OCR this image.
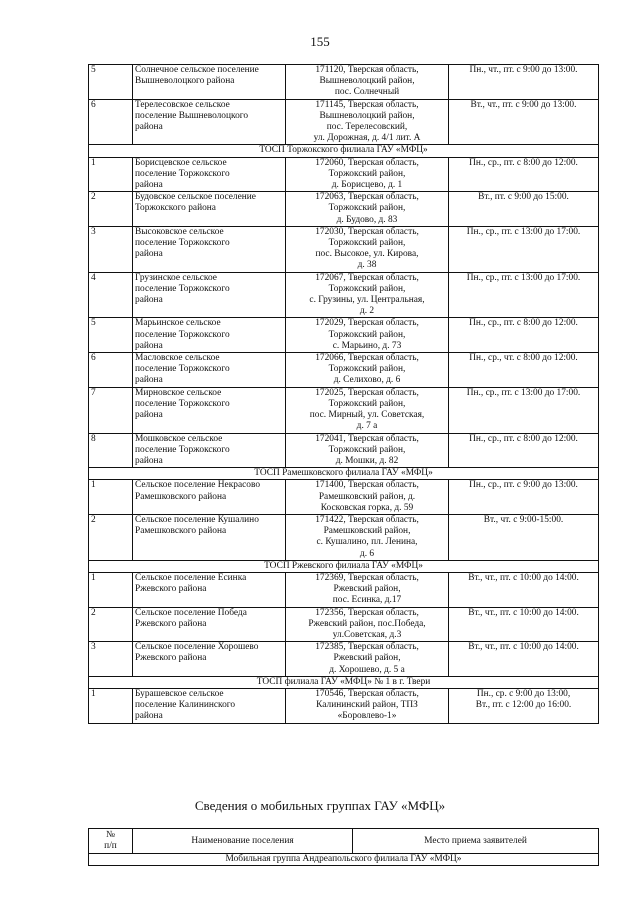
155
5	Солнечное сельское поселение
Вышневолоцкого района	171120, Тверская область,
Вышневолоцкий район,
пос. Солнечный	Пн., чт., пт. с 9:00 до 13:00.

6	Терелесовское сельское
поселение Вышневолоцкого
района	171145, Тверская область,
Вышневолоцкий район,
пос. Терелесовский,
ул. Дорожная, д. 4/1 лит. А	Вт., чт., пт. с 9:00 до 13:00.

ТОСП Торжокского филиала ГАУ «МФЦ»			
1	Борисцевское сельское
поселение Торжокского
района	172060, Тверская область,
Торжокский район,
д. Борисцево, д. 1	Пн., ср., пт. с 8:00 до 12:00.

2	Будовское сельское поселение
Торжокского района	172063, Тверская область,
Торжокский район,
д. Будово, д. 83	Вт., пт. с 9:00 до 15:00.

3	Высоковское сельское
поселение Торжокского
района	172030, Тверская область,
Торжокский район,
пос. Высокое, ул. Кирова,
д. 38	Пн., ср., пт. с 13:00 до 17:00.

4	Грузинское сельское
поселение Торжокского
района	172067, Тверская область,
Торжокский район,
с. Грузины, ул. Центральная,
д. 2	Пн., ср., пт. с 13:00 до 17:00.

5	Марьинское сельское
поселение Торжокского
района	172029, Тверская область,
Торжокский район,
с. Марьино, д. 73	Пн., ср., пт. с 8:00 до 12:00.

6	Масловское сельское
поселение Торжокского
района	172066, Тверская область,
Торжокский район,
д. Селихово, д. 6	Пн., ср., чт. с 8:00 до 12:00.

7	Мирновское сельское
поселение Торжокского
района	172025, Тверская область,
Торжокский район,
пос. Мирный, ул. Советская,
д. 7 а	Пн., ср., пт. с 13:00 до 17:00.

8	Мошковское сельское
поселение Торжокского
района	172041, Тверская область,
Торжокский район,
д. Мошки, д. 82	Пн., ср., пт. с 8:00 до 12:00.

ТОСП Рамешковского филиала ГАУ «МФЦ»			
1	Сельское поселение Некрасово
Рамешковского района	171400, Тверская область,
Рамешковский район, д.
Косковская горка, д. 59	Пн., ср., пт. с 9:00 до 13:00.

2	Сельское поселение Кушалино
Рамешковского района	171422, Тверская область,
Рамешковский район,
с. Кушалино, пл. Ленина,
д. 6	Вт., чт. с 9:00-15:00.

ТОСП Ржевского филиала ГАУ «МФЦ»			
1	Сельское поселение Есинка
Ржевского района	172369, Тверская область,
Ржевский район,
пос. Есинка, д.17	Вт., чт., пт. с 10:00 до 14:00.

2	Сельское поселение Победа
Ржевского района	172356, Тверская область,
Ржевский район, пос.Победа,
ул.Советская, д.3	Вт., чт., пт. с 10:00 до 14:00.

3	Сельское поселение Хорошево
Ржевского района	172385, Тверская область,
Ржевский район,
д. Хорошево, д. 5 а	Вт., чт., пт. с 10:00 до 14:00.

ТОСП филиала ГАУ «МФЦ» № 1 в г. Твери			
1	Бурашевское сельское
поселение Калининского
района	170546, Тверская область,
Калининский район, ТПЗ
«Боровлево-1»	Пн., ср. с 9:00 до 13:00,
Вт., пт. с 12:00 до 16:00.
Сведения о мобильных группах ГАУ «МФЦ»
№
п/п
	Наименование поселения	Место приема заявителей
Мобильная группа Андреапольского филиала ГАУ «МФЦ»
